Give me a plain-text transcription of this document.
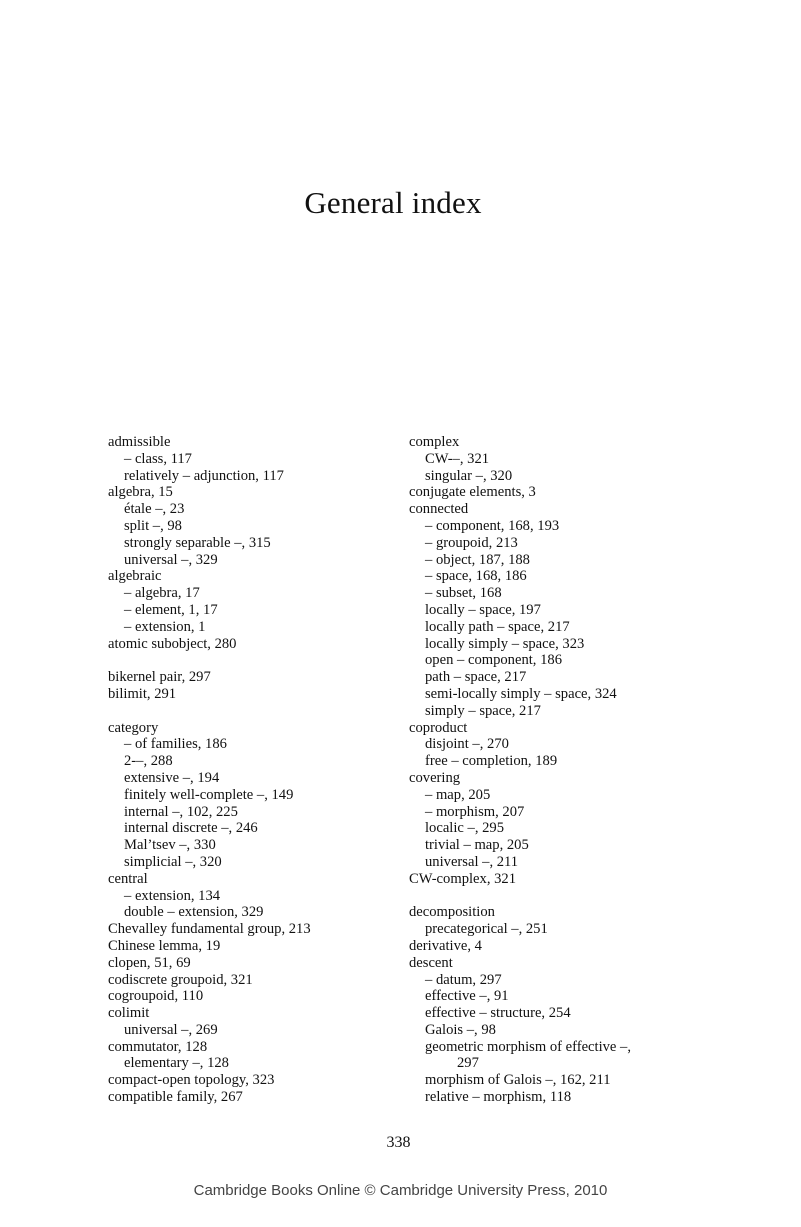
General index
admissible
– class, 117
relatively – adjunction, 117
algebra, 15
étale –, 23
split –, 98
strongly separable –, 315
universal –, 329
algebraic
– algebra, 17
– element, 1, 17
– extension, 1
atomic subobject, 280
bikernel pair, 297
bilimit, 291
category
– of families, 186
2-–, 288
extensive –, 194
finitely well-complete –, 149
internal –, 102, 225
internal discrete –, 246
Mal’tsev –, 330
simplicial –, 320
central
– extension, 134
double – extension, 329
Chevalley fundamental group, 213
Chinese lemma, 19
clopen, 51, 69
codiscrete groupoid, 321
cogroupoid, 110
colimit
universal –, 269
commutator, 128
elementary –, 128
compact-open topology, 323
compatible family, 267
complex
CW-–, 321
singular –, 320
conjugate elements, 3
connected
– component, 168, 193
– groupoid, 213
– object, 187, 188
– space, 168, 186
– subset, 168
locally – space, 197
locally path – space, 217
locally simply – space, 323
open – component, 186
path – space, 217
semi-locally simply – space, 324
simply – space, 217
coproduct
disjoint –, 270
free – completion, 189
covering
– map, 205
– morphism, 207
localic –, 295
trivial – map, 205
universal –, 211
CW-complex, 321
decomposition
precategorical –, 251
derivative, 4
descent
– datum, 297
effective –, 91
effective – structure, 254
Galois –, 98
geometric morphism of effective –,
297
morphism of Galois –, 162, 211
relative – morphism, 118
338
Cambridge Books Online © Cambridge University Press, 2010
